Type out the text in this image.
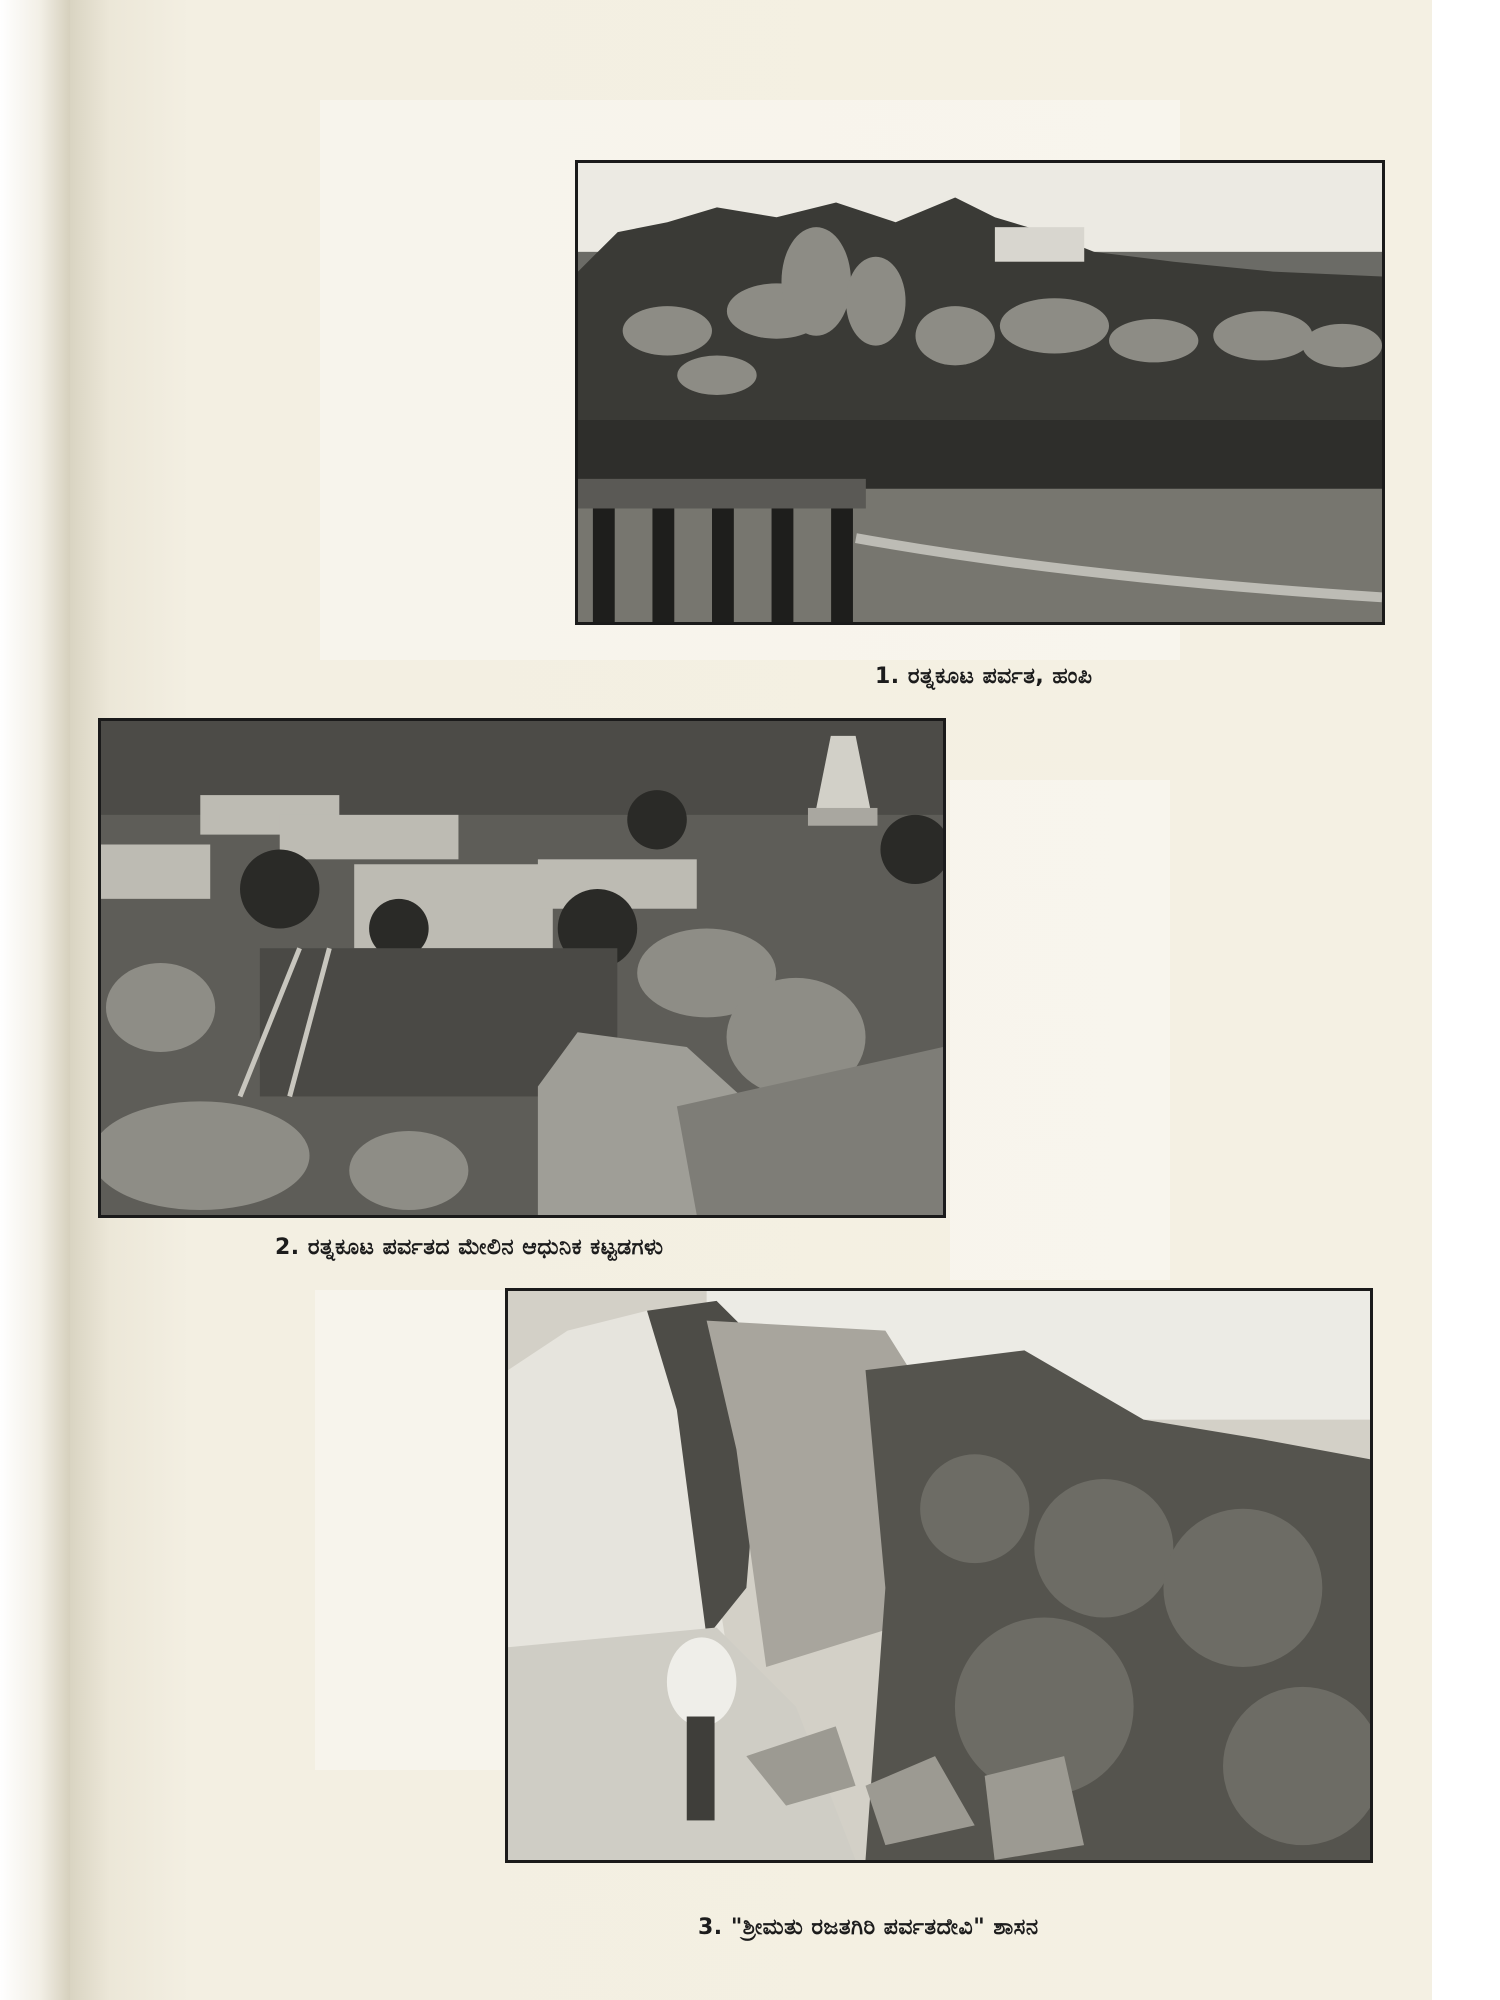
1. ರತ್ನಕೂಟ ಪರ್ವತ, ಹಂಪಿ
2. ರತ್ನಕೂಟ ಪರ್ವತದ ಮೇಲಿನ ಆಧುನಿಕ ಕಟ್ಟಡಗಳು
3. "ಶ್ರೀಮತು ರಜತಗಿರಿ ಪರ್ವತದೇವಿ" ಶಾಸನ
